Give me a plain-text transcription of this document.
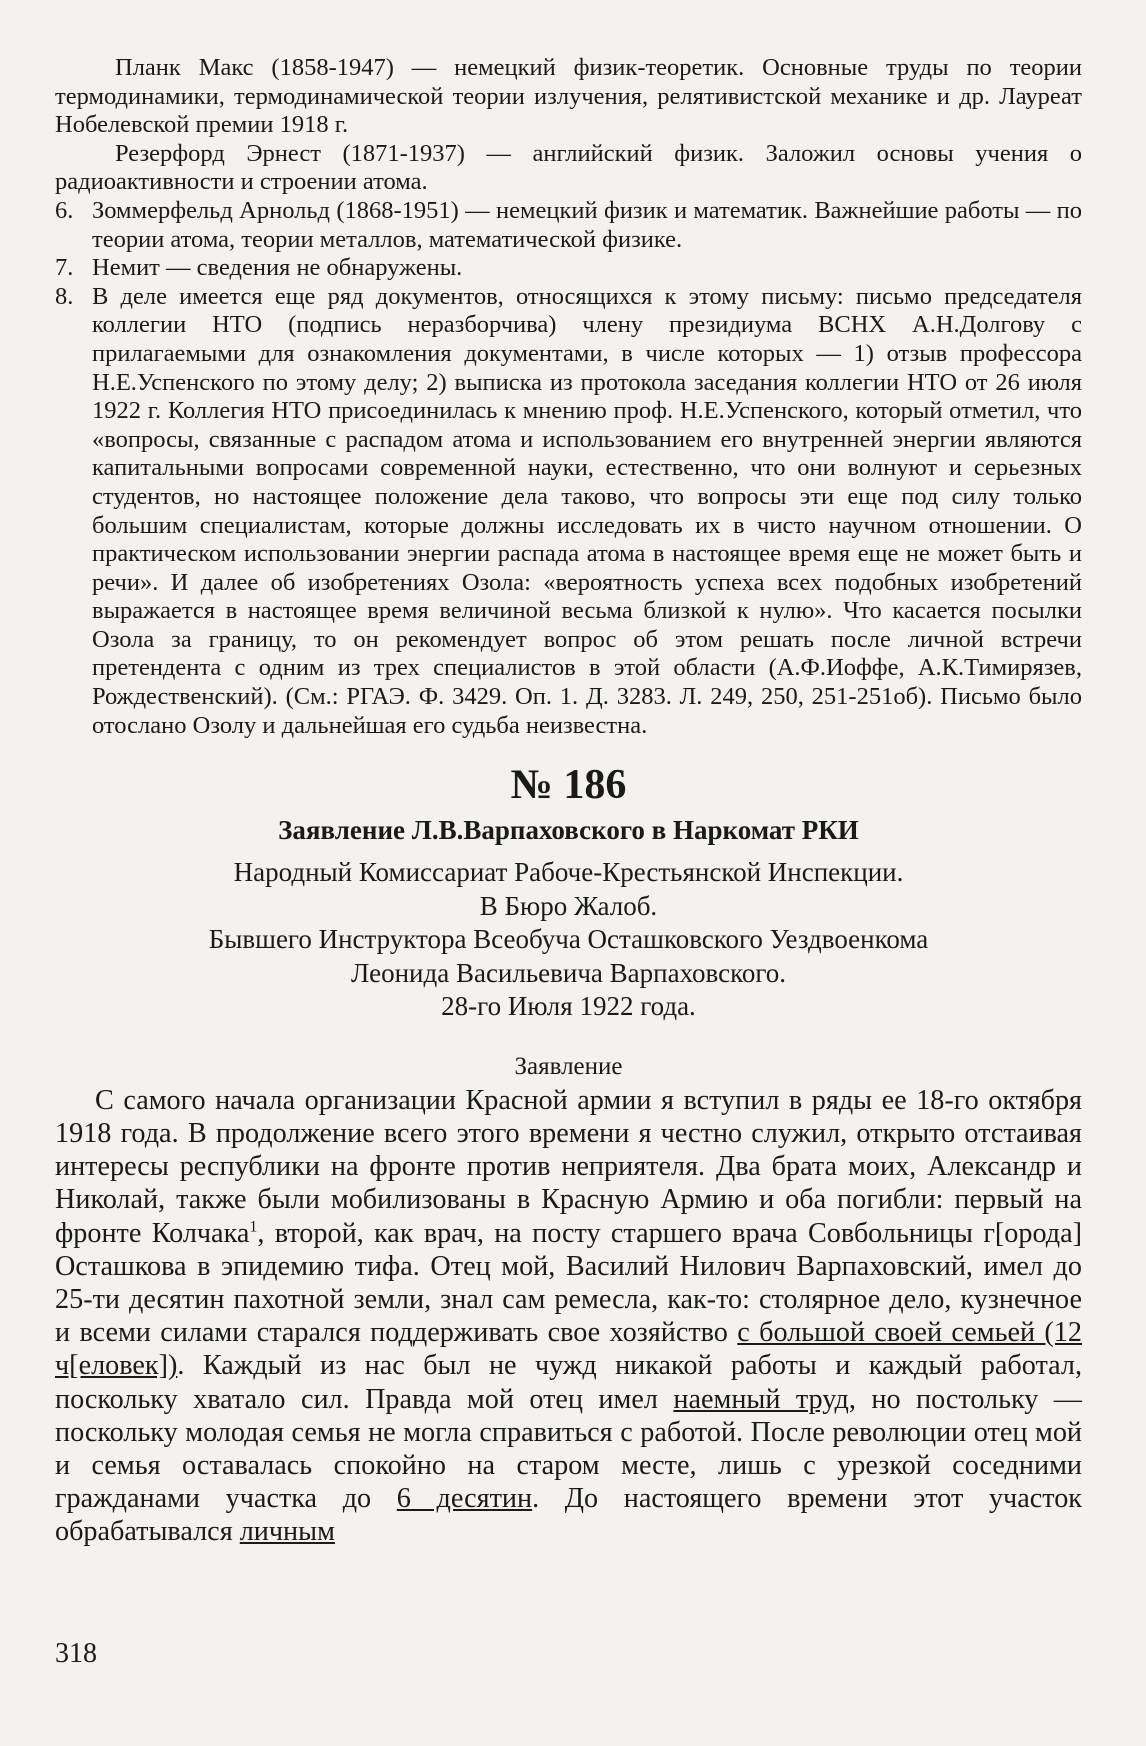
Планк Макс (1858-1947) — немецкий физик-теоретик. Основные труды по теории термодинамики, термодинамической теории излучения, релятивистской механике и др. Лауреат Нобелевской премии 1918 г.

Резерфорд Эрнест (1871-1937) — английский физик. Заложил основы учения о радиоактивности и строении атома.

6. Зоммерфельд Арнольд (1868-1951) — немецкий физик и математик. Важнейшие работы — по теории атома, теории металлов, математической физике.

7. Немит — сведения не обнаружены.

8. В деле имеется еще ряд документов, относящихся к этому письму: письмо председателя коллегии НТО (подпись неразборчива) члену президиума ВСНХ А.Н.Долгову с прилагаемыми для ознакомления документами, в числе которых — 1) отзыв профессора Н.Е.Успенского по этому делу; 2) выписка из протокола заседания коллегии НТО от 26 июля 1922 г. Коллегия НТО присоединилась к мнению проф. Н.Е.Успенского, который отметил, что «вопросы, связанные с распадом атома и использованием его внутренней энергии являются капитальными вопросами современной науки, естественно, что они волнуют и серьезных студентов, но настоящее положение дела таково, что вопросы эти еще под силу только большим специалистам, которые должны исследовать их в чисто научном отношении. О практическом использовании энергии распада атома в настоящее время еще не может быть и речи». И далее об изобретениях Озола: «вероятность успеха всех подобных изобретений выражается в настоящее время величиной весьма близкой к нулю». Что касается посылки Озола за границу, то он рекомендует вопрос об этом решать после личной встречи претендента с одним из трех специалистов в этой области (А.Ф.Иоффе, А.К.Тимирязев, Рождественский). (См.: РГАЭ. Ф. 3429. Оп. 1. Д. 3283. Л. 249, 250, 251-251об). Письмо было отослано Озолу и дальнейшая его судьба неизвестна.

№ 186
Заявление Л.В.Варпаховского в Наркомат РКИ
Народный Комиссариат Рабоче-Крестьянской Инспекции.
В Бюро Жалоб.
Бывшего Инструктора Всеобуча Осташковского Уездвоенкома
Леонида Васильевича Варпаховского.
28-го Июля 1922 года.
Заявление

С самого начала организации Красной армии я вступил в ряды ее 18-го октября 1918 года. В продолжение всего этого времени я честно служил, открыто отстаивая интересы республики на фронте против неприятеля. Два брата моих, Александр и Николай, также были мобилизованы в Красную Армию и оба погибли: первый на фронте Колчака$^1$, второй, как врач, на посту старшего врача Совбольницы г[орода] Осташкова в эпидемию тифа. Отец мой, Василий Нилович Варпаховский, имел до 25-ти десятин пахотной земли, знал сам ремесла, как-то: столярное дело, кузнечное и всеми силами старался поддерживать свое хозяйство с большой своей семьей (12 ч[еловек]). Каждый из нас был не чужд никакой работы и каждый работал, поскольку хватало сил. Правда мой отец имел наемный труд, но постольку — поскольку молодая семья не могла справиться с работой. После революции отец мой и семья оставалась спокойно на старом месте, лишь с урезкой соседними гражданами участка до 6 десятин. До настоящего времени этот участок обрабатывался личным

318
